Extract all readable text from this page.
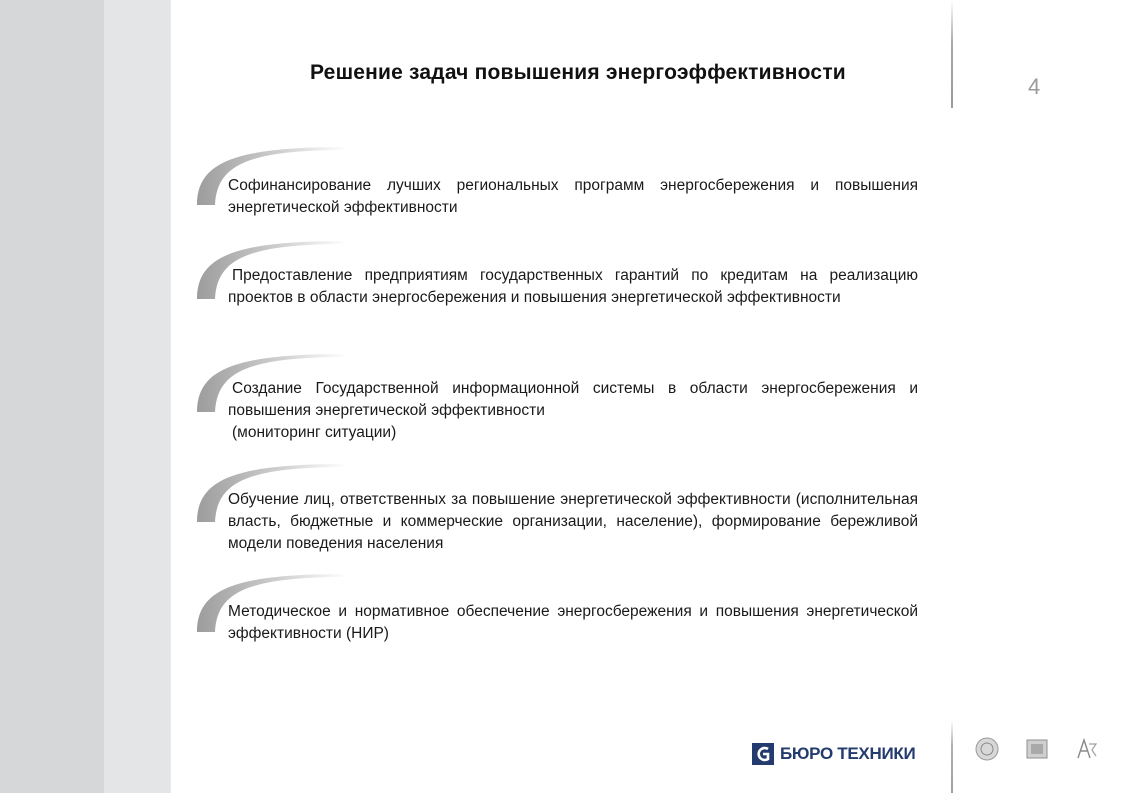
Решение задач повышения энергоэффективности
4
Софинансирование лучших региональных программ энергосбережения и повышения энергетической эффективности
Предоставление предприятиям государственных гарантий по кредитам на реализацию проектов в области энергосбережения и повышения энергетической эффективности
Создание Государственной информационной системы в области энергосбережения и повышения энергетической эффективности
(мониторинг ситуации)
Обучение лиц, ответственных за повышение энергетической эффективности (исполнительная власть, бюджетные и коммерческие организации, население), формирование бережливой модели поведения населения
Методическое и нормативное обеспечение энергосбережения и повышения энергетической эффективности (НИР)
БЮРО ТЕХНИКИ
